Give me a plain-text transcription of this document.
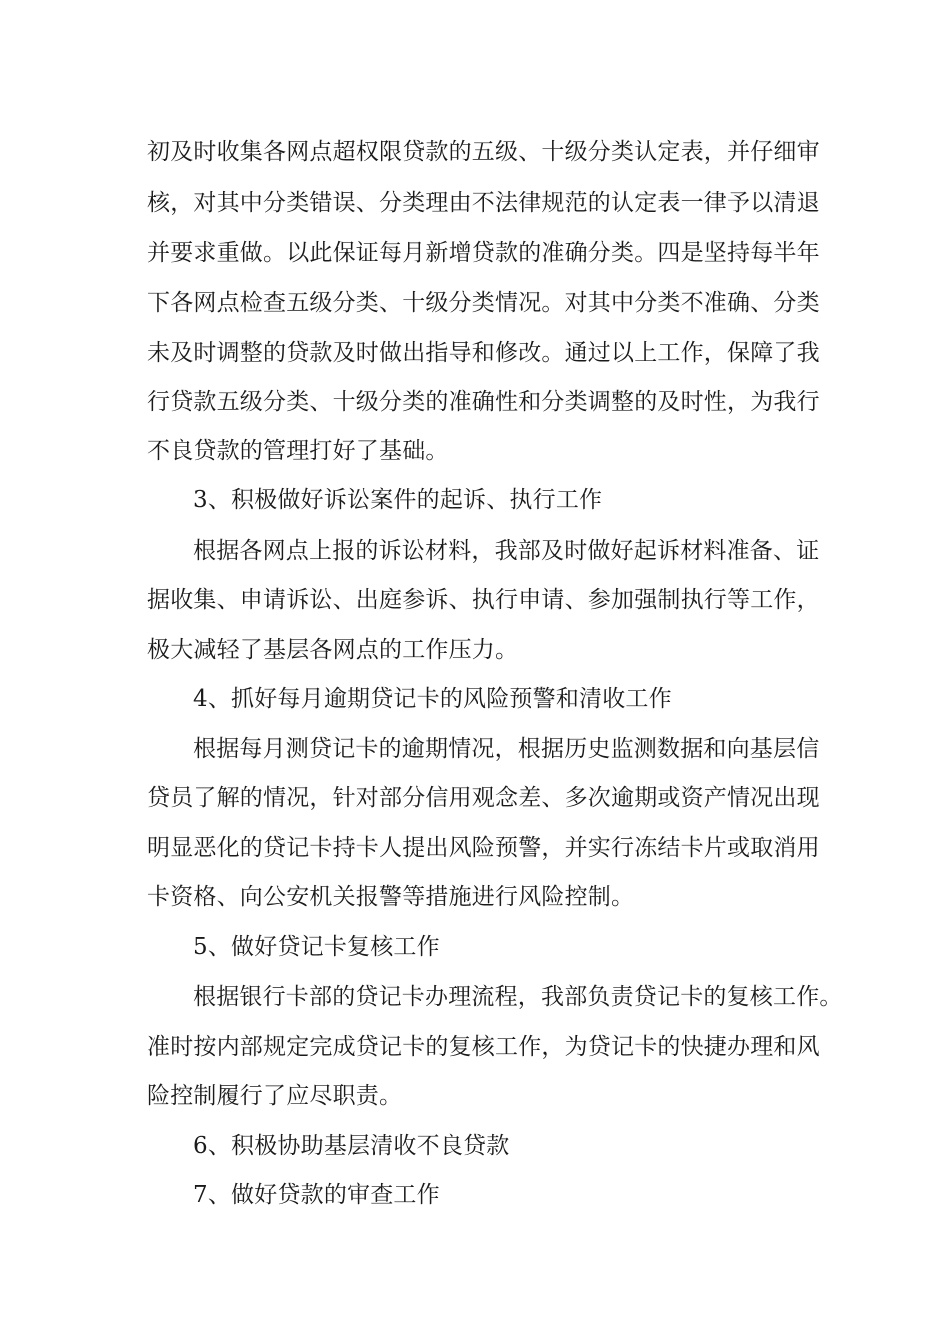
初及时收集各网点超权限贷款的五级、十级分类认定表，并仔细审
核，对其中分类错误、分类理由不法律规范的认定表一律予以清退
并要求重做。以此保证每月新增贷款的准确分类。四是坚持每半年
下各网点检查五级分类、十级分类情况。对其中分类不准确、分类
未及时调整的贷款及时做出指导和修改。通过以上工作，保障了我
行贷款五级分类、十级分类的准确性和分类调整的及时性，为我行
不良贷款的管理打好了基础。
3、积极做好诉讼案件的起诉、执行工作
根据各网点上报的诉讼材料，我部及时做好起诉材料准备、证
据收集、申请诉讼、出庭参诉、执行申请、参加强制执行等工作，
极大减轻了基层各网点的工作压力。
4、抓好每月逾期贷记卡的风险预警和清收工作
根据每月测贷记卡的逾期情况，根据历史监测数据和向基层信
贷员了解的情况，针对部分信用观念差、多次逾期或资产情况出现
明显恶化的贷记卡持卡人提出风险预警，并实行冻结卡片或取消用
卡资格、向公安机关报警等措施进行风险控制。
5、做好贷记卡复核工作
根据银行卡部的贷记卡办理流程，我部负责贷记卡的复核工作。
准时按内部规定完成贷记卡的复核工作，为贷记卡的快捷办理和风
险控制履行了应尽职责。
6、积极协助基层清收不良贷款
7、做好贷款的审查工作
